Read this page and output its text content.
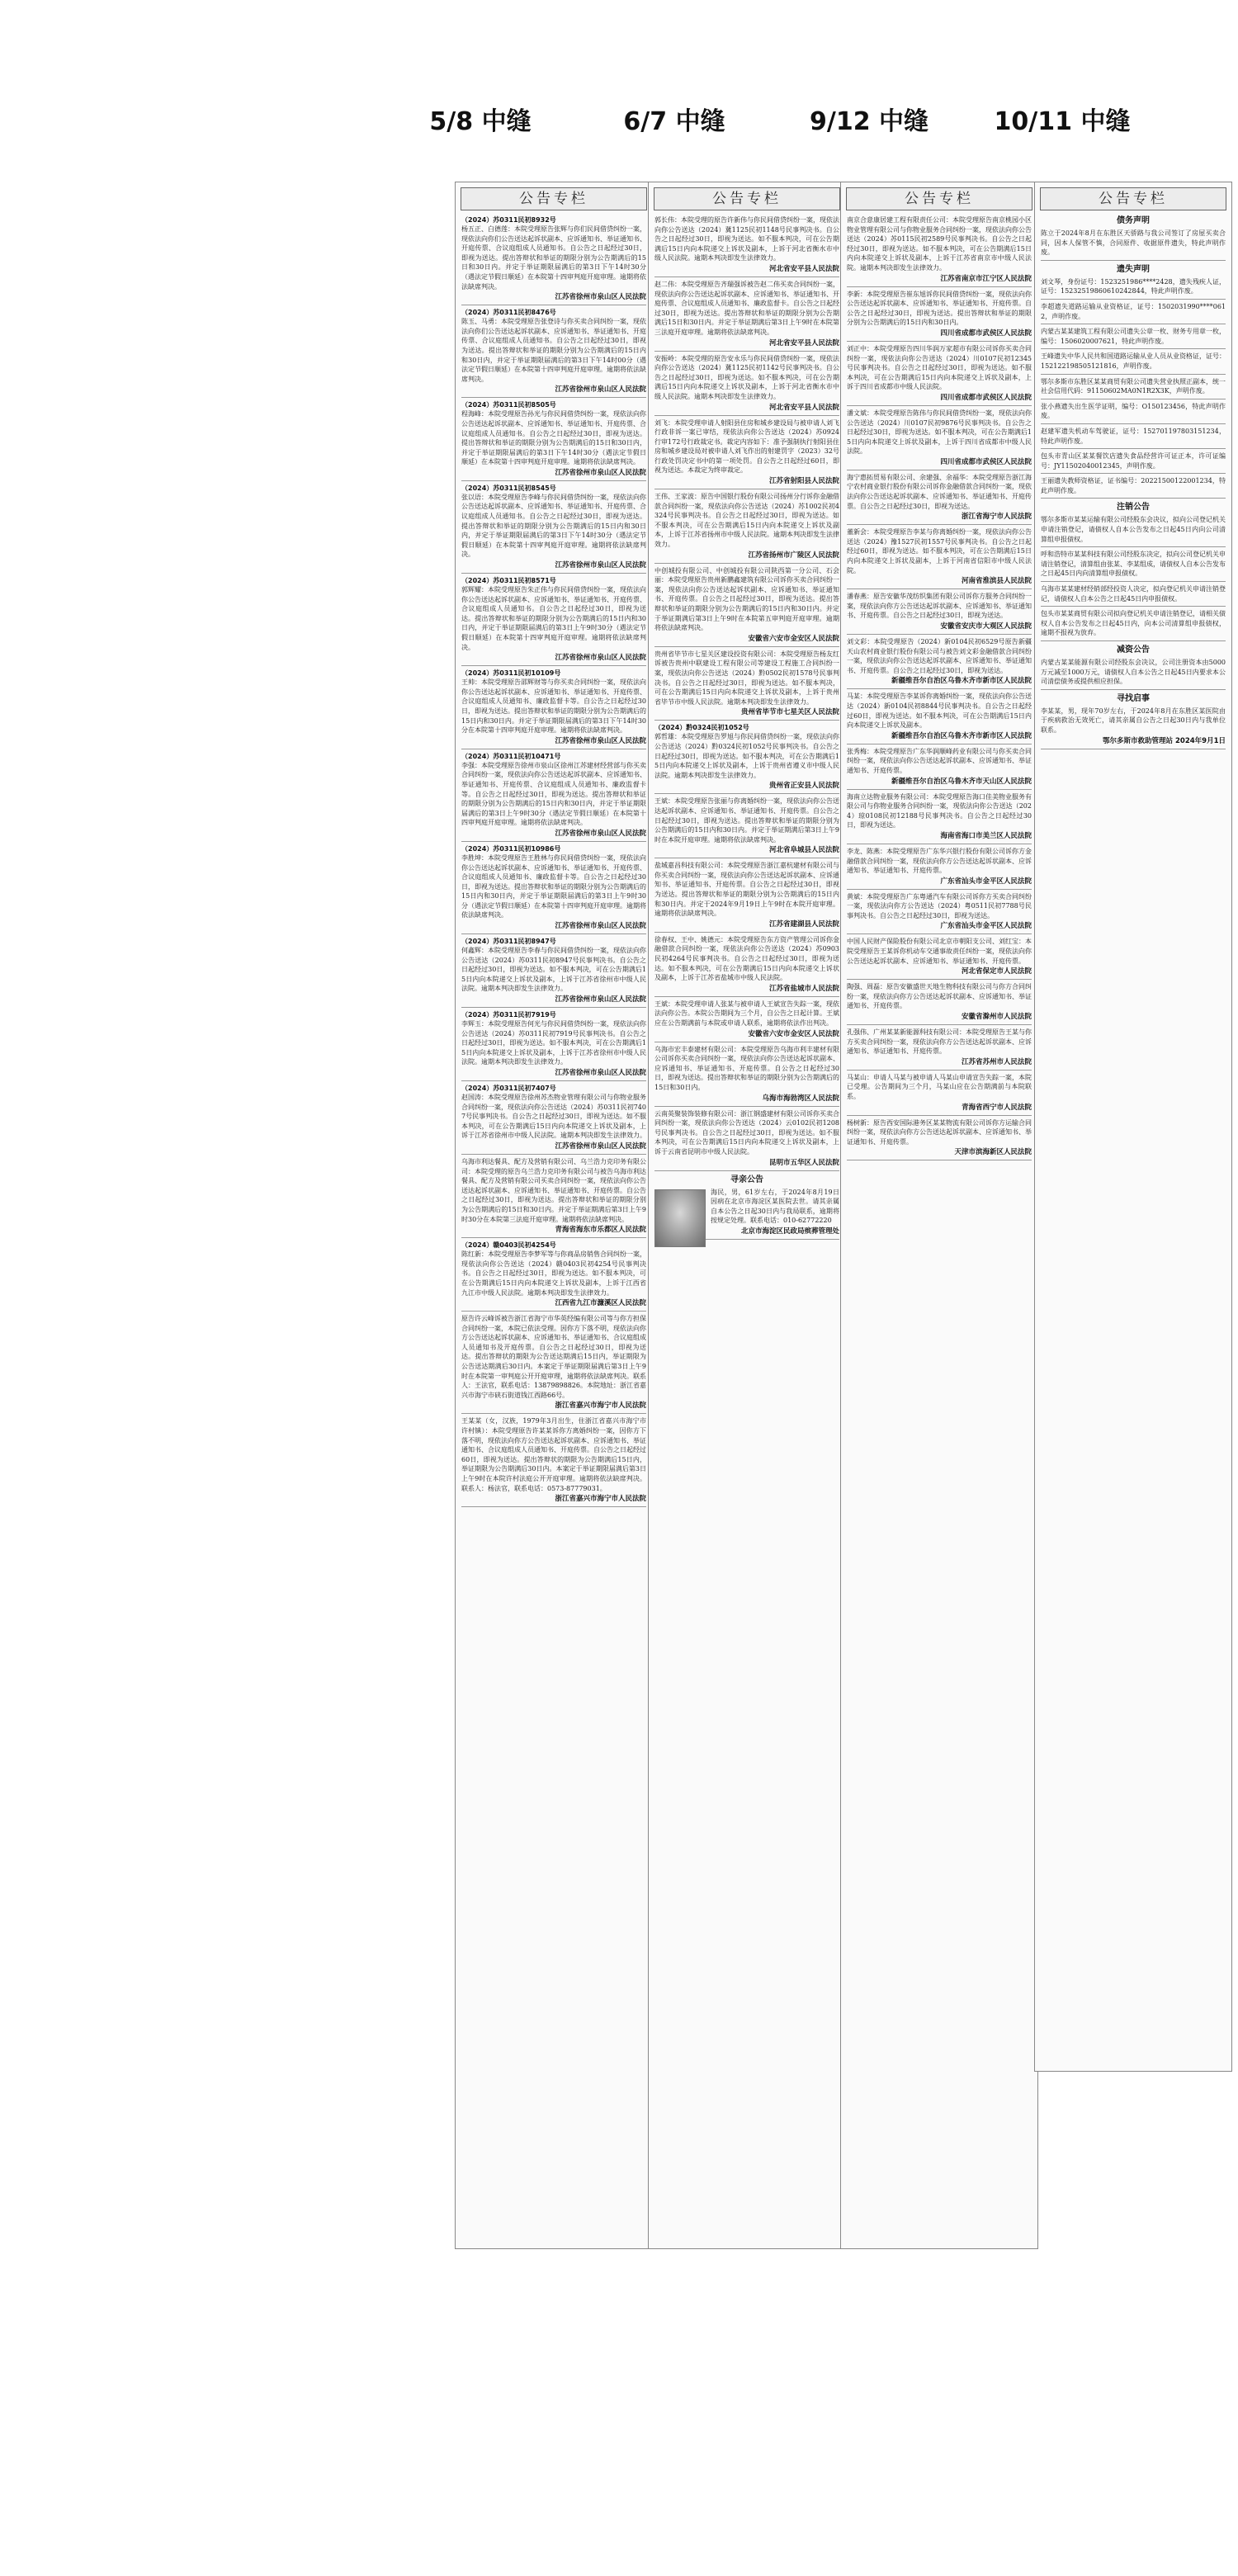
5/8 中缝	6/7 中缝	9/12 中缝	10/11 中缝
公告专栏
（2024）苏0311民初8932号
杨五正、白德莲：本院受理原告张辉与你们民间借贷纠纷一案，现依法向你们公告送达起诉状副本、应诉通知书、举证通知书、开庭传票、合议庭组成人员通知书。自公告之日起经过30日，即视为送达。提出答辩状和举证的期限分别为公告期满后的15日和30日内。并定于举证期限届满后的第3日下午14时30分（遇法定节假日顺延）在本院第十四审判庭开庭审理。逾期将依法缺席判决。
江苏省徐州市泉山区人民法院
（2024）苏0311民初8476号
陈玉、马勇：本院受理原告张登诗与你买卖合同纠纷一案，现依法向你们公告送达起诉状副本、应诉通知书、举证通知书、开庭传票、合议庭组成人员通知书。自公告之日起经过30日，即视为送达。提出答辩状和举证的期限分别为公告期满后的15日内和30日内，并定于举证期限届满后的第3日下午14时00分（遇法定节假日顺延）在本院第十四审判庭开庭审理。逾期将依法缺席判决。
江苏省徐州市泉山区人民法院
（2024）苏0311民初8505号
程海峰：本院受理原告孙光与你民间借贷纠纷一案，现依法向你公告送达起诉状副本、应诉通知书、举证通知书、开庭传票、合议庭组成人员通知书。自公告之日起经过30日，即视为送达。提出答辩状和举证的期限分别为公告期满后的15日和30日内，并定于举证期限届满后的第3日下午14时30分（遇法定节假日顺延）在本院第十四审判庭开庭审理。逾期将依法缺席判决。
江苏省徐州市泉山区人民法院
（2024）苏0311民初8545号
张以语：本院受理原告李峰与你民间借贷纠纷一案，现依法向你公告送达起诉状副本、应诉通知书、举证通知书、开庭传票、合议庭组成人员通知书。自公告之日起经过30日，即视为送达。提出答辩状和举证的期限分别为公告期满后的15日内和30日内，并定于举证期限届满后的第3日下午14时30分（遇法定节假日顺延）在本院第十四审判庭开庭审理。逾期将依法缺席判决。
江苏省徐州市泉山区人民法院
（2024）苏0311民初8571号
郭辉耀：本院受理原告朱正伟与你民间借贷纠纷一案，现依法向你公告送达起诉状副本、应诉通知书、举证通知书、开庭传票、合议庭组成人员通知书。自公告之日起经过30日，即视为送达。提出答辩状和举证的期限分别为公告期满后的15日内和30日内，并定于举证期限届满后的第3日上午9时30分（遇法定节假日顺延）在本院第十四审判庭开庭审理。逾期将依法缺席判决。
江苏省徐州市泉山区人民法院
（2024）苏0311民初10109号
王帅：本院受理原告邵辉财等与你买卖合同纠纷一案，现依法向你公告送达起诉状副本、应诉通知书、举证通知书、开庭传票、合议庭组成人员通知书、廉政监督卡等。自公告之日起经过30日，即视为送达。提出答辩状和举证的期限分别为公告期满后的15日内和30日内。并定于举证期限届满后的第3日下午14时30分在本院第十四审判庭开庭审理。逾期将依法缺席判决。
江苏省徐州市泉山区人民法院
（2024）苏0311民初10471号
李强：本院受理原告徐州市泉山区徐州江苏建材经营部与你买卖合同纠纷一案，现依法向你公告送达起诉状副本、应诉通知书、举证通知书、开庭传票、合议庭组成人员通知书、廉政监督卡等。自公告之日起经过30日，即视为送达。提出答辩状和举证的期限分别为公告期满后的15日内和30日内，并定于举证期限届满后的第3日上午9时30分（遇法定节假日顺延）在本院第十四审判庭开庭审理。逾期将依法缺席判决。
江苏省徐州市泉山区人民法院
（2024）苏0311民初10986号
李胜坤：本院受理原告王胜林与你民间借贷纠纷一案，现依法向你公告送达起诉状副本、应诉通知书、举证通知书、开庭传票、合议庭组成人员通知书、廉政监督卡等。自公告之日起经过30日，即视为送达。提出答辩状和举证的期限分别为公告期满后的15日内和30日内，并定于举证期限届满后的第3日上午9时30分（遇法定节假日顺延）在本院第十四审判庭开庭审理。逾期将依法缺席判决。
江苏省徐州市泉山区人民法院
（2024）苏0311民初8947号
何鑫辉：本院受理原告李春与你民间借贷纠纷一案，现依法向你公告送达（2024）苏0311民初8947号民事判决书。自公告之日起经过30日，即视为送达。如不服本判决，可在公告期满后15日内向本院递交上诉状及副本，上诉于江苏省徐州市中级人民法院。逾期本判决即发生法律效力。
江苏省徐州市泉山区人民法院
（2024）苏0311民初7919号
李辉玉：本院受理原告何光与你民间借贷纠纷一案，现依法向你公告送达（2024）苏0311民初7919号民事判决书。自公告之日起经过30日，即视为送达。如不服本判决，可在公告期满后15日内向本院递交上诉状及副本，上诉于江苏省徐州市中级人民法院。逾期本判决即发生法律效力。
江苏省徐州市泉山区人民法院
（2024）苏0311民初7407号
赵国涛：本院受理原告徐州苏杰物业管理有限公司与你物业服务合同纠纷一案，现依法向你公告送达（2024）苏0311民初7407号民事判决书。自公告之日起经过30日，即视为送达。如不服本判决，可在公告期满后15日内向本院递交上诉状及副本，上诉于江苏省徐州市中级人民法院。逾期本判决即发生法律效力。
江苏省徐州市泉山区人民法院
乌海市利达餐具、配方及营销有限公司、乌兰浩力克印务有限公司：本院受理的原告乌兰浩力克印务有限公司与被告乌海市利达餐具、配方及营销有限公司买卖合同纠纷一案，现依法向你公告送达起诉状副本、应诉通知书、举证通知书、开庭传票。自公告之日起经过30日，即视为送达。提出答辩状和举证的期限分别为公告期满后的15日和30日内。并定于举证期满后第3日上午9时30分在本院第三法庭开庭审理。逾期将依法缺席判决。
青海省海东市乐都区人民法院
（2024）赣0403民初4254号
陈红新：本院受理原告李梦军等与你商品房销售合同纠纷一案，现依法向你公告送达（2024）赣0403民初4254号民事判决书。自公告之日起经过30日，即视为送达。如不服本判决，可在公告期满后15日内向本院递交上诉状及副本，上诉于江西省九江市中级人民法院。逾期本判决即发生法律效力。
江西省九江市濂溪区人民法院
原告许云峰诉被告浙江省海宁市华英经编有限公司等与你方担保合同纠纷一案，本院已依法受理。因你方下落不明，现依法向你方公告送达起诉状副本、应诉通知书、举证通知书、合议庭组成人员通知书及开庭传票。自公告之日起经过30日，即视为送达。提出答辩状的期限为公告送达期满后15日内，举证期限为公告送达期满后30日内。本案定于举证期限届满后第3日上午9时在本院第一审判庭公开开庭审理，逾期将依法缺席判决。联系人：王法官，联系电话：13879898826。本院地址：浙江省嘉兴市海宁市硖石街道钱江西路66号。
浙江省嘉兴市海宁市人民法院
王某某（女，汉族，1979年3月出生，住浙江省嘉兴市海宁市许村镇）：本院受理原告许某某诉你方离婚纠纷一案，因你方下落不明，现依法向你方公告送达起诉状副本、应诉通知书、举证通知书、合议庭组成人员通知书、开庭传票。自公告之日起经过60日，即视为送达。提出答辩状的期限为公告期满后15日内，举证期限为公告期满后30日内。本案定于举证期限届满后第3日上午9时在本院许村法庭公开开庭审理。逾期将依法缺席判决。联系人：杨法官，联系电话：0573-87779031。
浙江省嘉兴市海宁市人民法院
公告专栏
郭长伟：本院受理的原告许新伟与你民间借贷纠纷一案，现依法向你公告送达（2024）冀1125民初1148号民事判决书。自公告之日起经过30日，即视为送达。如不服本判决，可在公告期满后15日内向本院递交上诉状及副本，上诉于河北省衡水市中级人民法院。逾期本判决即发生法律效力。
河北省安平县人民法院
赵二伟：本院受理原告齐瑞强诉被告赵二伟买卖合同纠纷一案，现依法向你公告送达起诉状副本、应诉通知书、举证通知书、开庭传票、合议庭组成人员通知书、廉政监督卡。自公告之日起经过30日，即视为送达。提出答辩状和举证的期限分别为公告期满后15日和30日内。并定于举证期满后第3日上午9时在本院第三法庭开庭审理。逾期将依法缺席判决。
河北省安平县人民法院
安振岭：本院受理的原告安永乐与你民间借贷纠纷一案，现依法向你公告送达（2024）冀1125民初1142号民事判决书。自公告之日起经过30日，即视为送达。如不服本判决，可在公告期满后15日内向本院递交上诉状及副本，上诉于河北省衡水市中级人民法院。逾期本判决即发生法律效力。
河北省安平县人民法院
刘飞：本院受理申请人射阳县住房和城乡建设局与被申请人刘飞行政非诉一案已审结，现依法向你公告送达（2024）苏0924行审172号行政裁定书。裁定内容如下：准予强制执行射阳县住房和城乡建设局对被申请人刘飞作出的射建罚字（2023）32号行政处罚决定书中的第一项处罚。自公告之日起经过60日，即视为送达。本裁定为终审裁定。
江苏省射阳县人民法院
王伟、王家波：原告中国银行股份有限公司扬州分行诉你金融借款合同纠纷一案，现依法向你公告送达（2024）苏1002民初4324号民事判决书。自公告之日起经过30日，即视为送达。如不服本判决，可在公告期满后15日内向本院递交上诉状及副本，上诉于江苏省扬州市中级人民法院。逾期本判决即发生法律效力。
江苏省扬州市广陵区人民法院
中创城投有限公司、中创城投有限公司陕西第一分公司、石会丽：本院受理原告贵州新鹏鑫建筑有限公司诉你买卖合同纠纷一案，现依法向你公告送达起诉状副本、应诉通知书、举证通知书、开庭传票。自公告之日起经过30日，即视为送达。提出答辩状和举证的期限分别为公告期满后的15日内和30日内。并定于举证期满后第3日上午9时在本院第五审判庭开庭审理。逾期将依法缺席判决。
安徽省六安市金安区人民法院
贵州省毕节市七星关区建设投资有限公司：本院受理原告杨友红诉被告贵州中联建设工程有限公司等建设工程施工合同纠纷一案，现依法向你公告送达（2024）黔0502民初1578号民事判决书。自公告之日起经过30日，即视为送达。如不服本判决，可在公告期满后15日内向本院递交上诉状及副本，上诉于贵州省毕节市中级人民法院。逾期本判决即发生法律效力。
贵州省毕节市七星关区人民法院
（2024）黔0324民初1052号
郭哲雄：本院受理原告罗旭与你民间借贷纠纷一案，现依法向你公告送达（2024）黔0324民初1052号民事判决书。自公告之日起经过30日，即视为送达。如不服本判决，可在公告期满后15日内向本院递交上诉状及副本，上诉于贵州省遵义市中级人民法院。逾期本判决即发生法律效力。
贵州省正安县人民法院
王斌：本院受理原告张丽与你离婚纠纷一案，现依法向你公告送达起诉状副本、应诉通知书、举证通知书、开庭传票。自公告之日起经过30日，即视为送达。提出答辩状和举证的期限分别为公告期满后的15日内和30日内。并定于举证期满后第3日上午9时在本院开庭审理。逾期将依法缺席判决。
河北省阜城县人民法院
盐城嘉昌科技有限公司：本院受理原告浙江嘉杭建材有限公司与你买卖合同纠纷一案，现依法向你公告送达起诉状副本、应诉通知书、举证通知书、开庭传票。自公告之日起经过30日，即视为送达。提出答辩状和举证的期限分别为公告期满后的15日内和30日内。并定于2024年9月19日上午9时在本院开庭审理。逾期将依法缺席判决。
江苏省建湖县人民法院
徐春权、王中、姚德元：本院受理原告东方资产管理公司诉你金融借款合同纠纷一案，现依法向你公告送达（2024）苏0903民初4264号民事判决书。自公告之日起经过30日，即视为送达。如不服本判决，可在公告期满后15日内向本院递交上诉状及副本，上诉于江苏省盐城市中级人民法院。
江苏省盐城市人民法院
王斌：本院受理申请人张某与被申请人王斌宣告失踪一案，现依法向你公告。本院公告期间为三个月，自公告之日起计算。王斌应在公告期满前与本院或申请人联系，逾期将依法作出判决。
安徽省六安市金安区人民法院
乌海市宏丰泰建材有限公司：本院受理原告乌海市利丰建材有限公司诉你买卖合同纠纷一案，现依法向你公告送达起诉状副本、应诉通知书、举证通知书、开庭传票。自公告之日起经过30日，即视为送达。提出答辩状和举证的期限分别为公告期满后的15日和30日内。
乌海市海勃湾区人民法院
云南英聚装饰装修有限公司：浙江钢盛建材有限公司诉你买卖合同纠纷一案，现依法向你公告送达（2024）云0102民初1208号民事判决书。自公告之日起经过30日，即视为送达。如不服本判决，可在公告期满后15日内向本院递交上诉状及副本，上诉于云南省昆明市中级人民法院。
昆明市五华区人民法院
寻亲公告
海民，男，61岁左右，于2024年8月19日因病在北京市海淀区某医院去世。请其亲属自本公告之日起30日内与我局联系，逾期将按规定处理。联系电话：010-62772220
北京市海淀区民政局殡葬管理处
公告专栏
南京合意康居建工程有限责任公司：本院受理原告南京桃园小区物业管理有限公司与你物业服务合同纠纷一案，现依法向你公告送达（2024）苏0115民初2589号民事判决书。自公告之日起经过30日，即视为送达。如不服本判决，可在公告期满后15日内向本院递交上诉状及副本，上诉于江苏省南京市中级人民法院。逾期本判决即发生法律效力。
江苏省南京市江宁区人民法院
李新：本院受理原告崔东旭诉你民间借贷纠纷一案，现依法向你公告送达起诉状副本、应诉通知书、举证通知书、开庭传票。自公告之日起经过30日，即视为送达。提出答辩状和举证的期限分别为公告期满后的15日内和30日内。
四川省成都市武侯区人民法院
刘正中：本院受理原告四川华润万家超市有限公司诉你买卖合同纠纷一案，现依法向你公告送达（2024）川0107民初12345号民事判决书。自公告之日起经过30日，即视为送达。如不服本判决，可在公告期满后15日内向本院递交上诉状及副本，上诉于四川省成都市中级人民法院。
四川省成都市武侯区人民法院
潘文斌：本院受理原告陈伟与你民间借贷纠纷一案，现依法向你公告送达（2024）川0107民初9876号民事判决书。自公告之日起经过30日，即视为送达。如不服本判决，可在公告期满后15日内向本院递交上诉状及副本，上诉于四川省成都市中级人民法院。
四川省成都市武侯区人民法院
海宁惠拓贸易有限公司、余建强、余福华：本院受理原告浙江海宁农村商业银行股份有限公司诉你金融借款合同纠纷一案，现依法向你公告送达起诉状副本、应诉通知书、举证通知书、开庭传票。自公告之日起经过30日，即视为送达。
浙江省海宁市人民法院
董新会：本院受理原告李某与你离婚纠纷一案，现依法向你公告送达（2024）豫1527民初1557号民事判决书。自公告之日起经过60日，即视为送达。如不服本判决，可在公告期满后15日内向本院递交上诉状及副本，上诉于河南省信阳市中级人民法院。
河南省淮滨县人民法院
潘春燕：原告安徽华茂纺织集团有限公司诉你方服务合同纠纷一案，现依法向你方公告送达起诉状副本、应诉通知书、举证通知书、开庭传票。自公告之日起经过30日，即视为送达。
安徽省安庆市大观区人民法院
刘文彩：本院受理原告（2024）新0104民初6529号原告新疆天山农村商业银行股份有限公司与被告刘文彩金融借款合同纠纷一案，现依法向你公告送达起诉状副本、应诉通知书、举证通知书、开庭传票。自公告之日起经过30日，即视为送达。
新疆维吾尔自治区乌鲁木齐市新市区人民法院
马某：本院受理原告李某诉你离婚纠纷一案，现依法向你公告送达（2024）新0104民初8844号民事判决书。自公告之日起经过60日，即视为送达。如不服本判决，可在公告期满后15日内向本院递交上诉状及副本。
新疆维吾尔自治区乌鲁木齐市新市区人民法院
张秀梅：本院受理原告广东华润顺峰药业有限公司与你买卖合同纠纷一案，现依法向你公告送达起诉状副本、应诉通知书、举证通知书、开庭传票。
新疆维吾尔自治区乌鲁木齐市天山区人民法院
海南立达物业服务有限公司：本院受理原告海口佳美物业服务有限公司与你物业服务合同纠纷一案，现依法向你公告送达（2024）琼0108民初12188号民事判决书。自公告之日起经过30日，即视为送达。
海南省海口市美兰区人民法院
李龙、陈燕：本院受理原告广东华兴银行股份有限公司诉你方金融借款合同纠纷一案，现依法向你方公告送达起诉状副本、应诉通知书、举证通知书、开庭传票。
广东省汕头市金平区人民法院
黄斌：本院受理原告广东粤通汽车有限公司诉你方买卖合同纠纷一案，现依法向你方公告送达（2024）粤0511民初7788号民事判决书。自公告之日起经过30日，即视为送达。
广东省汕头市金平区人民法院
中国人民财产保险股份有限公司北京市朝阳支公司、刘红宝：本院受理原告王某诉你机动车交通事故责任纠纷一案，现依法向你公告送达起诉状副本、应诉通知书、举证通知书、开庭传票。
河北省保定市人民法院
陶强、周磊：原告安徽盛世天地生物科技有限公司与你方合同纠纷一案，现依法向你方公告送达起诉状副本、应诉通知书、举证通知书、开庭传票。
安徽省滁州市人民法院
孔强伟、广州某某新能源科技有限公司：本院受理原告王某与你方买卖合同纠纷一案，现依法向你方公告送达起诉状副本、应诉通知书、举证通知书、开庭传票。
江苏省苏州市人民法院
马某山：申请人马某与被申请人马某山申请宣告失踪一案，本院已受理。公告期间为三个月，马某山应在公告期满前与本院联系。
青海省西宁市人民法院
杨树新：原告西安国际港务区某某物流有限公司诉你方运输合同纠纷一案，现依法向你方公告送达起诉状副本、应诉通知书、举证通知书、开庭传票。
天津市滨海新区人民法院
公告专栏
债务声明
陈立于2024年8月在东胜区天骄路与我公司签订了房屋买卖合同，因本人保管不慎，合同原件、收据原件遗失，特此声明作废。
遗失声明
刘文琴，身份证号：1523251986****2428，遗失残疾人证，证号：15232519860610242844，特此声明作废。
李超遗失道路运输从业资格证，证号：1502031990****0612，声明作废。
内蒙古某某建筑工程有限公司遗失公章一枚、财务专用章一枚，编号：1506020007621，特此声明作废。
王峰遗失中华人民共和国道路运输从业人员从业资格证，证号：152122198505121816，声明作废。
鄂尔多斯市东胜区某某商贸有限公司遗失营业执照正副本，统一社会信用代码：91150602MA0N1R2X3K，声明作废。
张小燕遗失出生医学证明，编号：O150123456，特此声明作废。
赵建军遗失机动车驾驶证，证号：152701197803151234，特此声明作废。
包头市青山区某某餐饮店遗失食品经营许可证正本，许可证编号：JY11502040012345，声明作废。
王丽遗失教师资格证，证书编号：20221500122001234，特此声明作废。
注销公告
鄂尔多斯市某某运输有限公司经股东会决议，拟向公司登记机关申请注销登记，请债权人自本公告发布之日起45日内向公司清算组申报债权。
呼和浩特市某某科技有限公司经股东决定，拟向公司登记机关申请注销登记，清算组由张某、李某组成，请债权人自本公告发布之日起45日内向清算组申报债权。
乌海市某某建材经销部经投资人决定，拟向登记机关申请注销登记，请债权人自本公告之日起45日内申报债权。
包头市某某商贸有限公司拟向登记机关申请注销登记，请相关债权人自本公告发布之日起45日内，向本公司清算组申报债权，逾期不报视为放弃。
减资公告
内蒙古某某能源有限公司经股东会决议，公司注册资本由5000万元减至1000万元，请债权人自本公告之日起45日内要求本公司清偿债务或提供相应担保。
寻找启事
李某某，男，现年70岁左右，于2024年8月在东胜区某医院由于疾病救治无效死亡，请其亲属自公告之日起30日内与我单位联系。
鄂尔多斯市救助管理站 2024年9月1日
